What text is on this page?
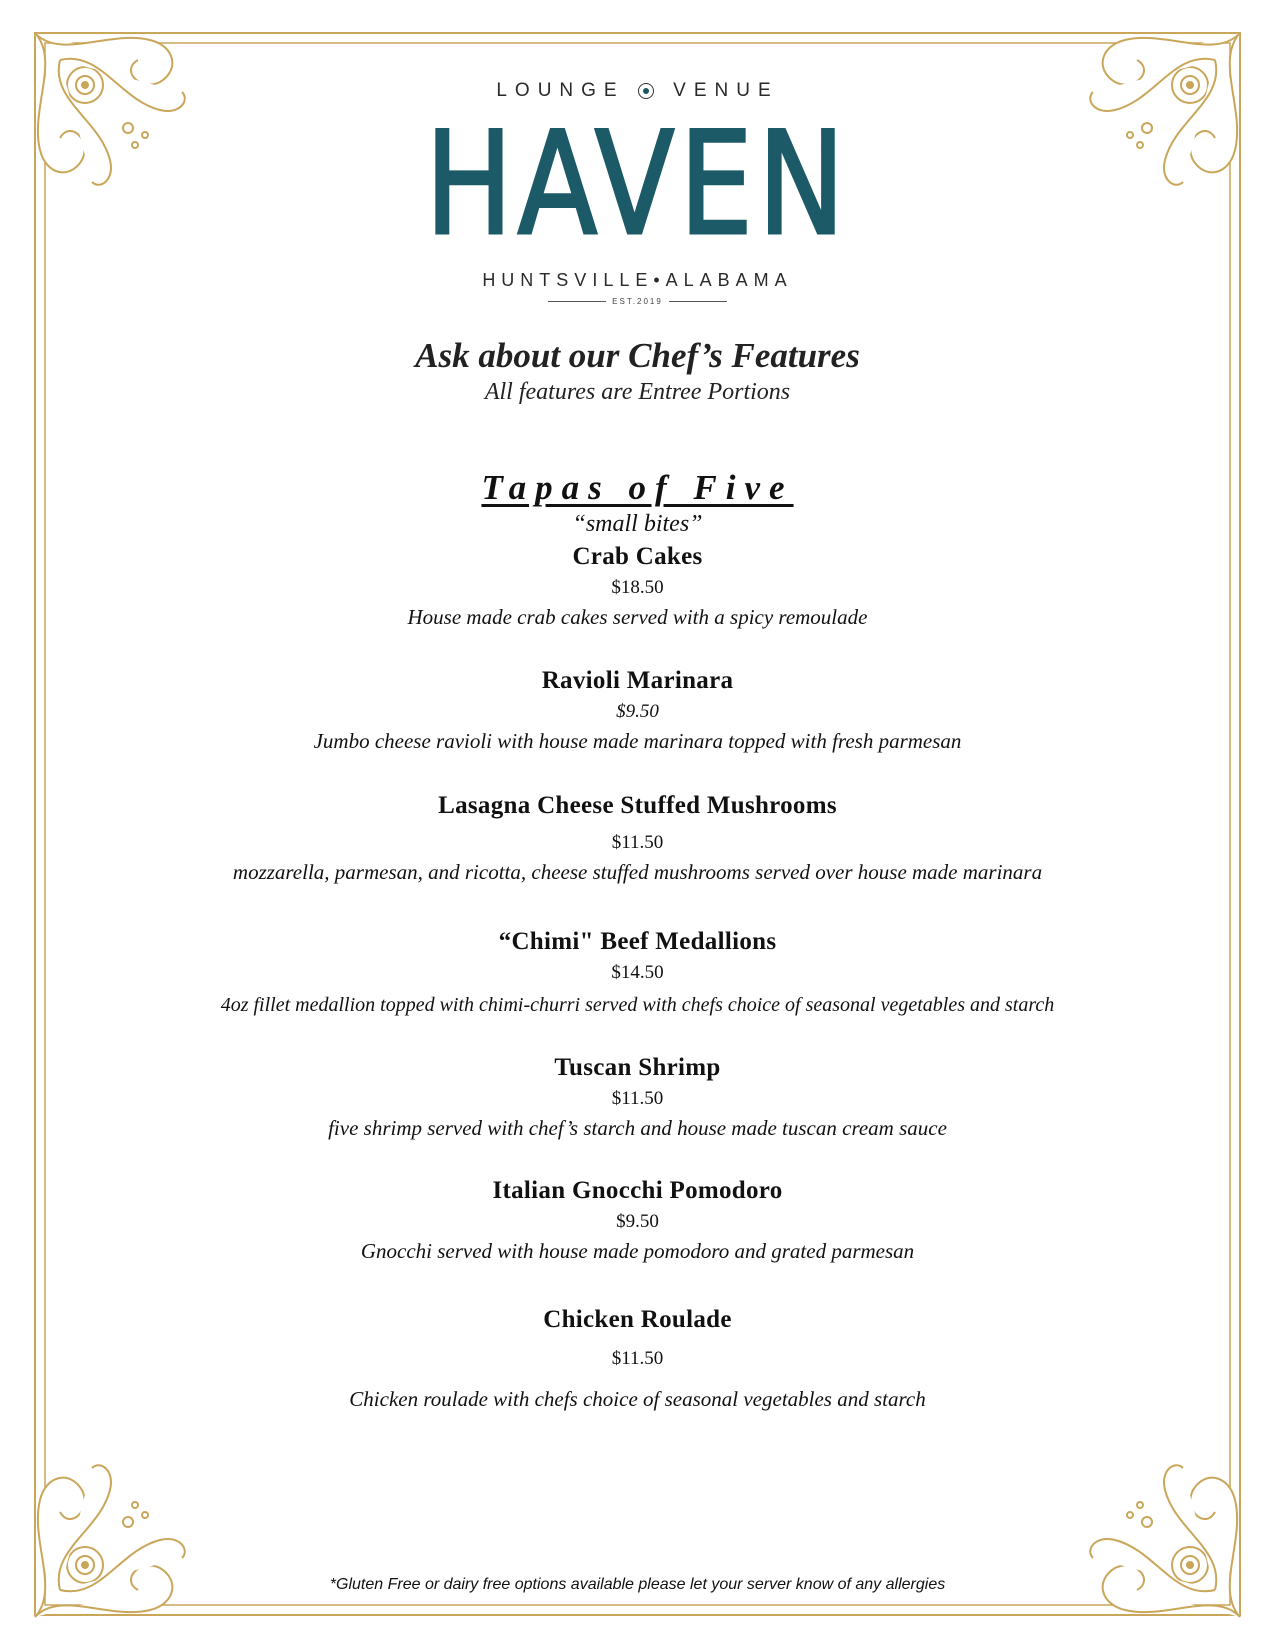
LOUNGE	VENUE
HAVEN
HUNTSVILLE•ALABAMA
EST.2019
Ask about our Chef’s Features
All features are Entree Portions
Tapas of Five
“small bites”
Crab Cakes
$18.50
House made crab cakes served with a spicy remoulade
Ravioli Marinara
$9.50
Jumbo cheese ravioli with house made marinara topped with fresh parmesan
Lasagna Cheese Stuffed Mushrooms
$11.50
mozzarella, parmesan, and ricotta, cheese stuffed mushrooms served over house made marinara
“Chimi" Beef Medallions
$14.50
4oz fillet medallion topped with chimi-churri served with chefs choice of seasonal vegetables and starch
Tuscan Shrimp
$11.50
five shrimp served with chef’s starch and house made tuscan cream sauce
Italian Gnocchi Pomodoro
$9.50
Gnocchi served with house made pomodoro and grated parmesan
Chicken Roulade
$11.50
Chicken roulade with chefs choice of seasonal vegetables and starch
*Gluten Free or dairy free options available please let your server know of any allergies
